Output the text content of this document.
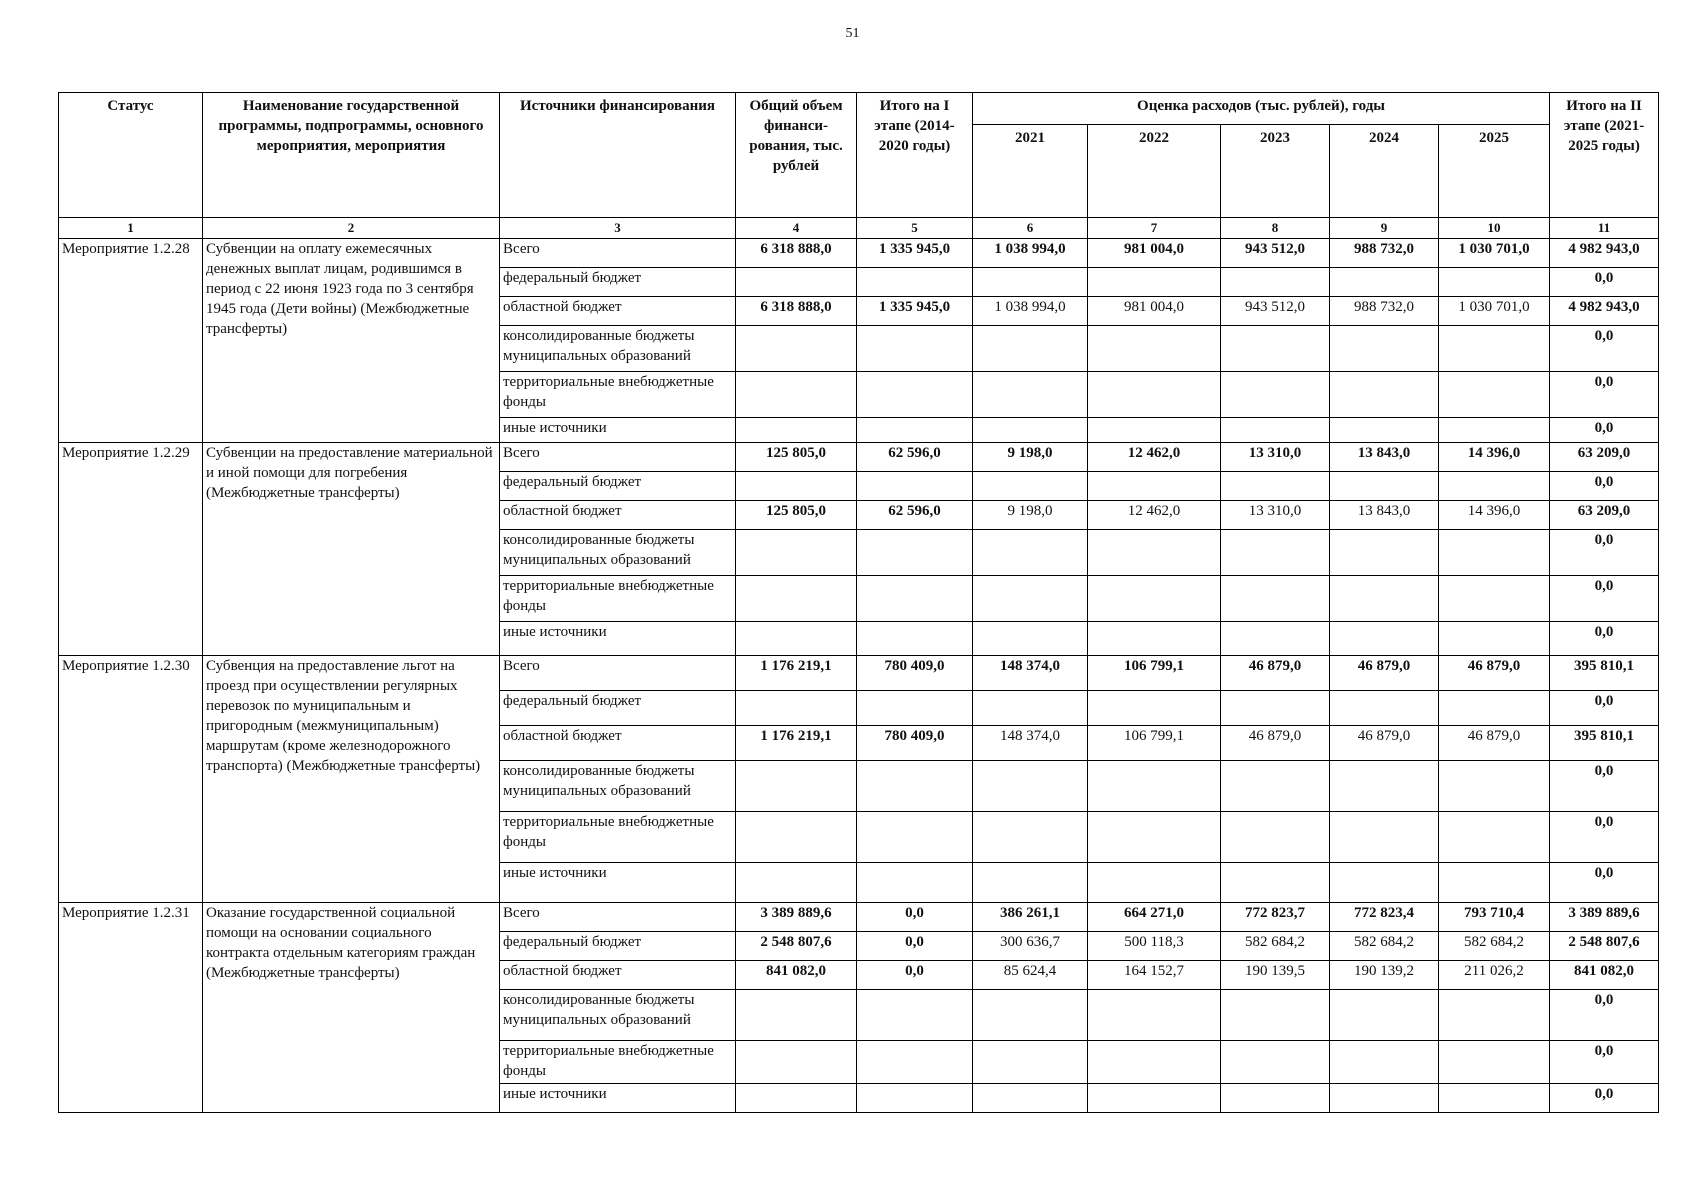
51
Статус	Наименование государственной программы, подпрограммы, основного мероприятия, мероприятия	Источники финансирования	Общий объем финанси-рования, тыс. рублей	Итого на I этапе (2014-2020 годы)	Оценка расходов (тыс. рублей), годы					Итого на II этапе (2021-2025 годы)
					2021	2022	2023	2024	2025	
1	2	3	4	5	6	7	8	9	10	11
Мероприятие 1.2.28	Субвенции на оплату ежемесячных денежных выплат лицам, родившимся в период с 22 июня 1923 года по 3 сентября 1945 года (Дети войны) (Межбюджетные трансферты)	Всего	6 318 888,0	1 335 945,0	1 038 994,0	981 004,0	943 512,0	988 732,0	1 030 701,0	4 982 943,0
		федеральный бюджет								0,0
		областной бюджет	6 318 888,0	1 335 945,0	1 038 994,0	981 004,0	943 512,0	988 732,0	1 030 701,0	4 982 943,0
		консолидированные бюджеты муниципальных образований								0,0
		территориальные внебюджетные фонды								0,0
		иные источники								0,0
Мероприятие 1.2.29	Субвенции на предоставление материальной и иной помощи для погребения (Межбюджетные трансферты)	Всего	125 805,0	62 596,0	9 198,0	12 462,0	13 310,0	13 843,0	14 396,0	63 209,0
		федеральный бюджет								0,0
		областной бюджет	125 805,0	62 596,0	9 198,0	12 462,0	13 310,0	13 843,0	14 396,0	63 209,0
		консолидированные бюджеты муниципальных образований								0,0
		территориальные внебюджетные фонды								0,0
		иные источники								0,0
Мероприятие 1.2.30	Субвенция на предоставление льгот на проезд при осуществлении регулярных перевозок по муниципальным и пригородным (межмуниципальным) маршрутам (кроме железнодорожного транспорта) (Межбюджетные трансферты)	Всего	1 176 219,1	780 409,0	148 374,0	106 799,1	46 879,0	46 879,0	46 879,0	395 810,1
		федеральный бюджет								0,0
		областной бюджет	1 176 219,1	780 409,0	148 374,0	106 799,1	46 879,0	46 879,0	46 879,0	395 810,1
		консолидированные бюджеты муниципальных образований								0,0
		территориальные внебюджетные фонды								0,0
		иные источники								0,0
Мероприятие 1.2.31	Оказание государственной социальной помощи на основании социального контракта отдельным категориям граждан (Межбюджетные трансферты)	Всего	3 389 889,6	0,0	386 261,1	664 271,0	772 823,7	772 823,4	793 710,4	3 389 889,6
		федеральный бюджет	2 548 807,6	0,0	300 636,7	500 118,3	582 684,2	582 684,2	582 684,2	2 548 807,6
		областной бюджет	841 082,0	0,0	85 624,4	164 152,7	190 139,5	190 139,2	211 026,2	841 082,0
		консолидированные бюджеты муниципальных образований								0,0
		территориальные внебюджетные фонды								0,0
		иные источники								0,0
